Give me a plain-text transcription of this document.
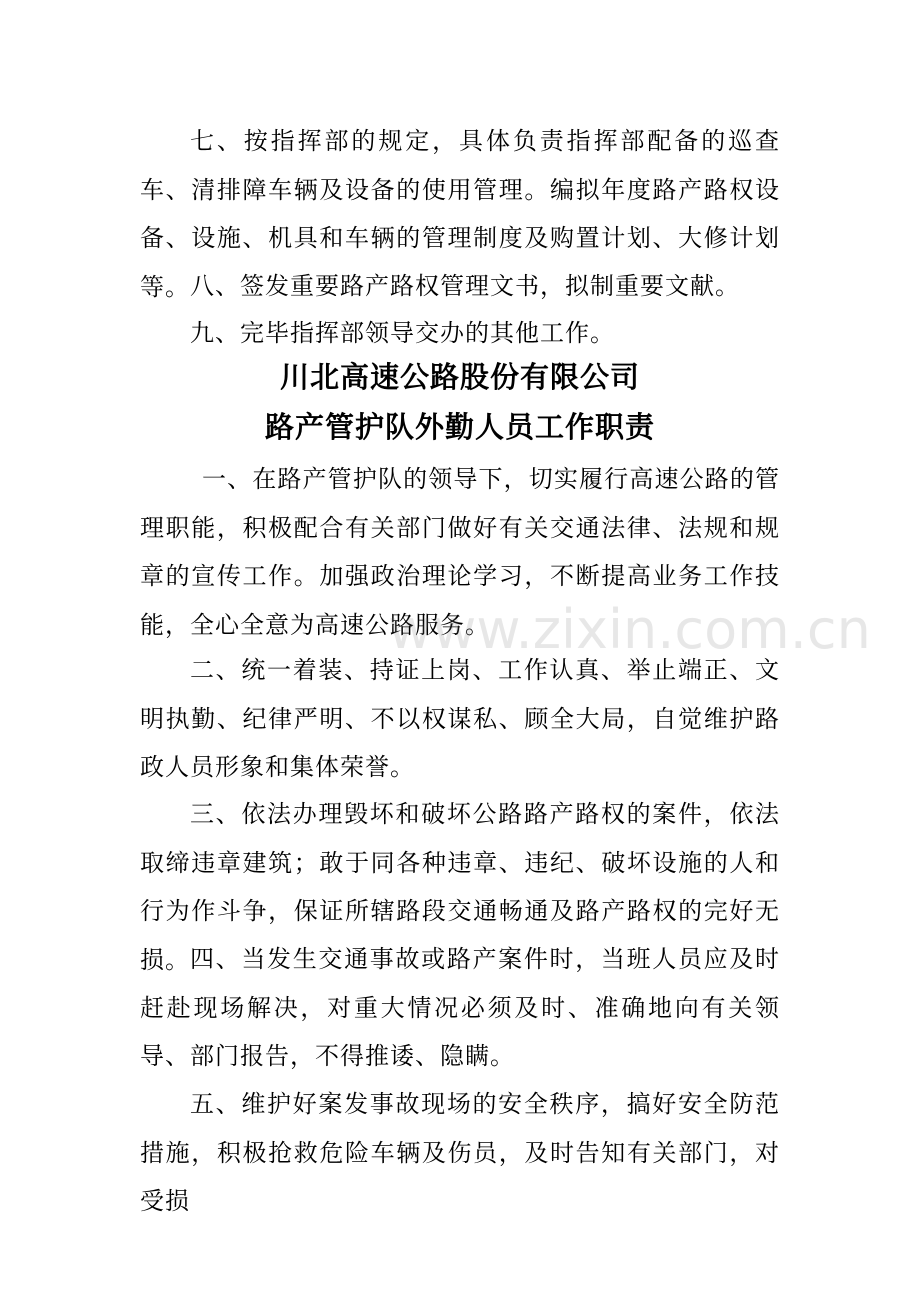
七、按指挥部的规定，具体负责指挥部配备的巡查车、清排障车辆及设备的使用管理。编拟年度路产路权设备、设施、机具和车辆的管理制度及购置计划、大修计划等。 八、签发重要路产路权管理文书，拟制重要文献。

九、完毕指挥部领导交办的其他工作。

川北高速公路股份有限公司
路产管护队外勤人员工作职责

一、在路产管护队的领导下，切实履行高速公路的管理职能，积极配合有关部门做好有关交通法律、法规和规章的宣传工作。加强政治理论学习，不断提高业务工作技能，全心全意为高速公路服务。

二、统一着装、持证上岗、工作认真、举止端正、文明执勤、纪律严明、不以权谋私、顾全大局，自觉维护路政人员形象和集体荣誉。

三、依法办理毁坏和破坏公路路产路权的案件，依法取缔违章建筑；敢于同各种违章、违纪、破坏设施的人和行为作斗争，保证所辖路段交通畅通及路产路权的完好无损。 四、当发生交通事故或路产案件时，当班人员应及时赶赴现场解决，对重大情况必须及时、准确地向有关领导、部门报告，不得推诿、隐瞒。

五、维护好案发事故现场的安全秩序，搞好安全防范措施，积极抢救危险车辆及伤员，及时告知有关部门，对受损

www.zixin.com.cn
